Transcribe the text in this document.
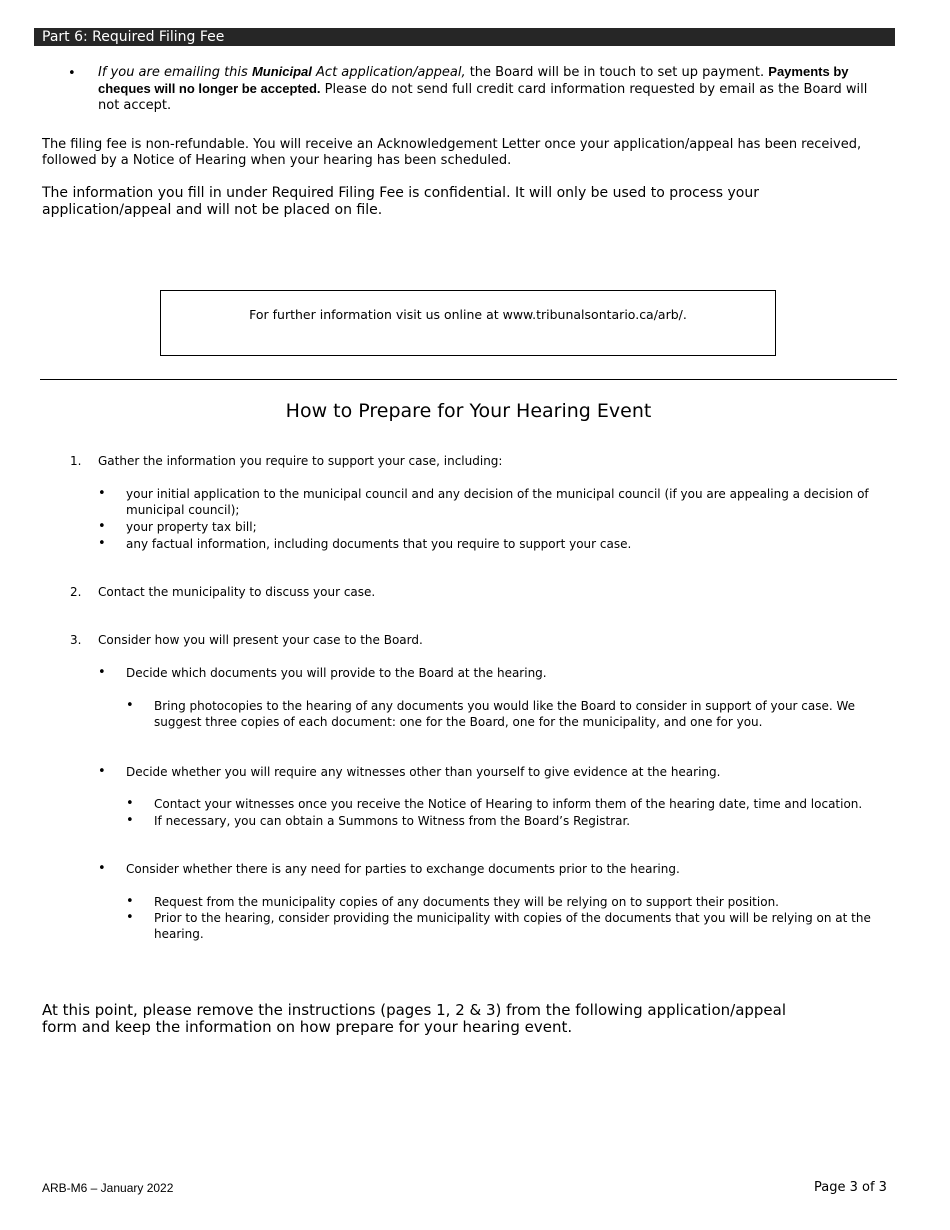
Part 6: Required Filing Fee
• If you are emailing this Municipal Act application/appeal, the Board will be in touch to set up payment. Payments by cheques will no longer be accepted. Please do not send full credit card information requested by email as the Board will not accept.
The filing fee is non-refundable. You will receive an Acknowledgement Letter once your application/appeal has been received, followed by a Notice of Hearing when your hearing has been scheduled.
The information you fill in under Required Filing Fee is confidential. It will only be used to process your application/appeal and will not be placed on file.
For further information visit us online at www.tribunalsontario.ca/arb/.
How to Prepare for Your Hearing Event
1. Gather the information you require to support your case, including:
• your initial application to the municipal council and any decision of the municipal council (if you are appealing a decision of municipal council);
• your property tax bill;
• any factual information, including documents that you require to support your case.
2. Contact the municipality to discuss your case.
3. Consider how you will present your case to the Board.
• Decide which documents you will provide to the Board at the hearing.
• Bring photocopies to the hearing of any documents you would like the Board to consider in support of your case. We suggest three copies of each document: one for the Board, one for the municipality, and one for you.
• Decide whether you will require any witnesses other than yourself to give evidence at the hearing.
• Contact your witnesses once you receive the Notice of Hearing to inform them of the hearing date, time and location.
• If necessary, you can obtain a Summons to Witness from the Board’s Registrar.
• Consider whether there is any need for parties to exchange documents prior to the hearing.
• Request from the municipality copies of any documents they will be relying on to support their position.
• Prior to the hearing, consider providing the municipality with copies of the documents that you will be relying on at the hearing.
At this point, please remove the instructions (pages 1, 2 & 3) from the following application/appeal form and keep the information on how prepare for your hearing event.
ARB-M6 – January 2022	Page 3 of 3
